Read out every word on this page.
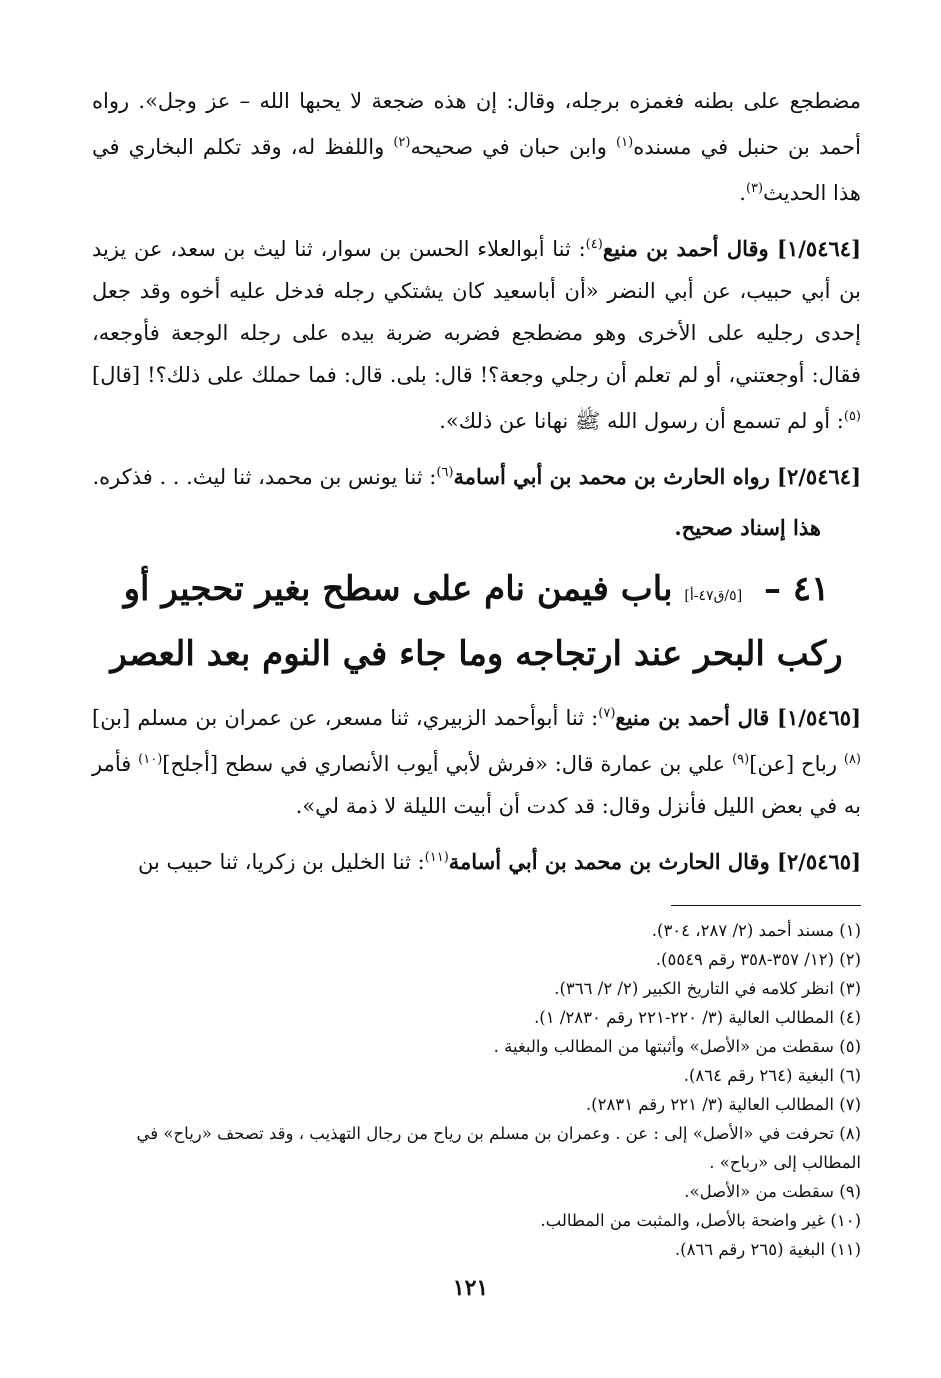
مضطجع على بطنه فغمزه برجله، وقال: إن هذه ضجعة لا يحبها الله – عز وجل». رواه أحمد بن حنبل في مسنده$^{(١)}$ وابن حبان في صحيحه$^{(٢)}$ واللفظ له، وقد تكلم البخاري في هذا الحديث$^{(٣)}$.

[١/٥٤٦٤] وقال أحمد بن منيع$^{(٤)}$: ثنا أبوالعلاء الحسن بن سوار، ثنا ليث بن سعد، عن يزيد بن أبي حبيب، عن أبي النضر «أن أباسعيد كان يشتكي رجله فدخل عليه أخوه وقد جعل إحدى رجليه على الأخرى وهو مضطجع فضربه ضربة بيده على رجله الوجعة فأوجعه، فقال: أوجعتني، أو لم تعلم أن رجلي وجعة؟! قال: بلى. قال: فما حملك على ذلك؟! [قال]$^{(٥)}$: أو لم تسمع أن رسول الله ﷺ نهانا عن ذلك».

[٢/٥٤٦٤] رواه الحارث بن محمد بن أبي أسامة$^{(٦)}$: ثنا يونس بن محمد، ثنا ليث. . . فذكره.

هذا إسناد صحيح.
٤١ – [٥/ق٤٧-أ] باب فيمن نام على سطح بغير تحجير أو ركب البحر عند ارتجاجه وما جاء في النوم بعد العصر

[١/٥٤٦٥] قال أحمد بن منيع$^{(٧)}$: ثنا أبوأحمد الزبيري، ثنا مسعر، عن عمران بن مسلم [بن]$^{(٨)}$ رباح [عن]$^{(٩)}$ علي بن عمارة قال: «فرش لأبي أيوب الأنصاري في سطح [أجلح]$^{(١٠)}$ فأمر به في بعض الليل فأنزل وقال: قد كدت أن أبيت الليلة لا ذمة لي».

[٢/٥٤٦٥] وقال الحارث بن محمد بن أبي أسامة$^{(١١)}$: ثنا الخليل بن زكريا، ثنا حبيب بن

(١) مسند أحمد (٢/ ٢٨٧، ٣٠٤).
(٢) (١٢/ ٣٥٧-٣٥٨ رقم ٥٥٤٩).
(٣) انظر كلامه في التاريخ الكبير (٢/ ٢/ ٣٦٦).
(٤) المطالب العالية (٣/ ٢٢٠-٢٢١ رقم ٢٨٣٠/ ١).
(٥) سقطت من «الأصل» وأثبتها من المطالب والبغية .
(٦) البغية (٢٦٤ رقم ٨٦٤).
(٧) المطالب العالية (٣/ ٢٢١ رقم ٢٨٣١).
(٨) تحرفت في «الأصل» إلى : عن . وعمران بن مسلم بن رياح من رجال التهذيب ، وقد تصحف «رياح» في المطالب إلى «رباح» .
(٩) سقطت من «الأصل».
(١٠) غير واضحة بالأصل، والمثبت من المطالب.
(١١) البغية (٢٦٥ رقم ٨٦٦).
١٢١
